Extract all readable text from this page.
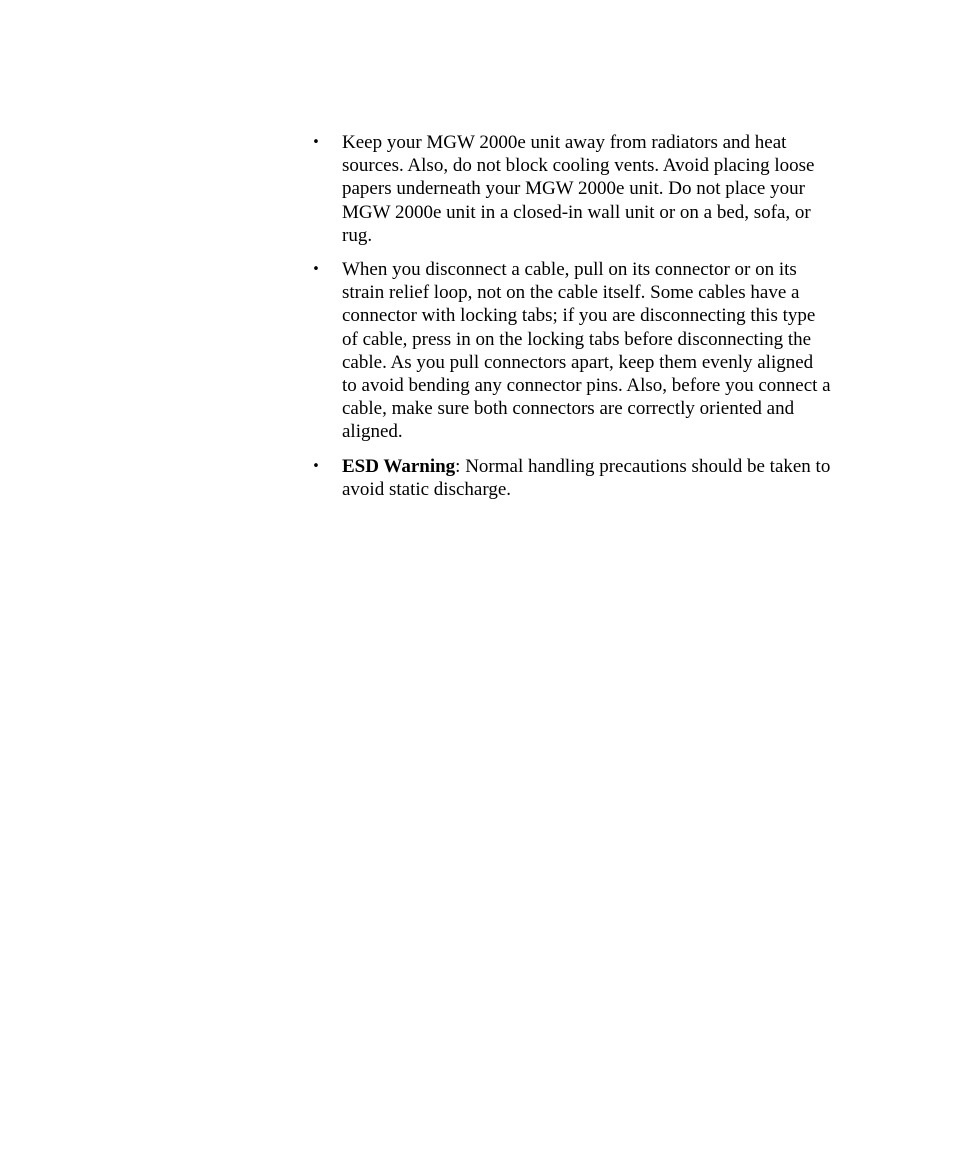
•	Keep your MGW 2000e unit away from radiators and heat sources. Also, do not block cooling vents. Avoid placing loose papers underneath your MGW 2000e unit. Do not place your MGW 2000e unit in a closed-in wall unit or on a bed, sofa, or rug.
•	When you disconnect a cable, pull on its connector or on its strain relief loop, not on the cable itself. Some cables have a connector with locking tabs; if you are disconnecting this type of cable, press in on the locking tabs before disconnecting the cable. As you pull connectors apart, keep them evenly aligned to avoid bending any connector pins. Also, before you connect a cable, make sure both connectors are correctly oriented and aligned.
•	ESD Warning: Normal handling precautions should be taken to avoid static discharge.
